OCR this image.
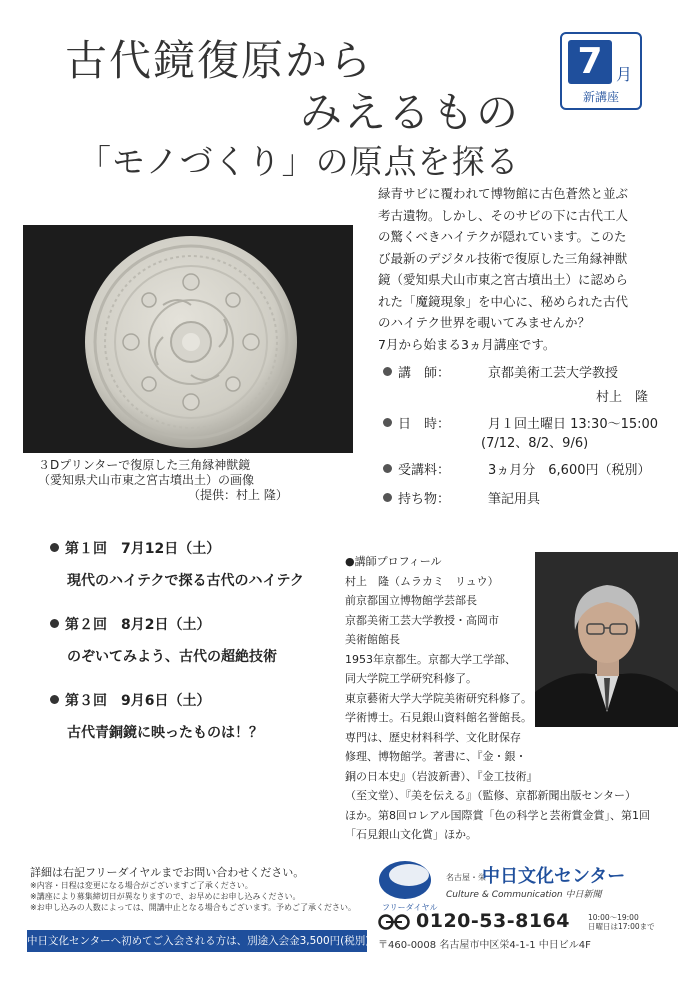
古代鏡復原から
みえるもの
「モノづくり」の原点を探る
7 月
新講座
緑青サビに覆われて博物館に古色蒼然と並ぶ
考古遺物。しかし、そのサビの下に古代工人
の驚くべきハイテクが隠れています。このた
び最新のデジタル技術で復原した三角縁神獣
鏡（愛知県犬山市東之宮古墳出土）に認めら
れた「魔鏡現象」を中心に、秘められた古代
のハイテク世界を覗いてみませんか？
7月から始まる3ヵ月講座です。
３Dプリンターで復原した三角縁神獣鏡
（愛知県犬山市東之宮古墳出土）の画像
（提供：村上 隆）
講　師：	京都美術工芸大学教授
村上　隆
日　時：	月１回土曜日 13:30～15:00
(7/12、8/2、9/6)
受講料：	3ヵ月分　6,600円（税別）
持ち物：	筆記用具
第１回　7月12日（土）
現代のハイテクで探る古代のハイテク
第２回　8月2日（土）
のぞいてみよう、古代の超絶技術
第３回　9月6日（土）
古代青銅鏡に映ったものは！？
●講師プロフィール
村上　隆（ムラカミ　リュウ）
前京都国立博物館学芸部長
京都美術工芸大学教授・高岡市
美術館館長
1953年京都生。京都大学工学部、
同大学院工学研究科修了。
東京藝術大学大学院美術研究科修了。
学術博士。石見銀山資料館名誉館長。
専門は、歴史材料科学、文化財保存
修理、博物館学。著書に、『金・銀・
銅の日本史』（岩波新書）、『金工技術』
（至文堂）、『美を伝える』（監修、京都新聞出版センター）
ほか。第8回ロレアル国際賞「色の科学と芸術賞金賞」、第1回
「石見銀山文化賞」ほか。
詳細は右記フリーダイヤルまでお問い合わせください。
※内容・日程は変更になる場合がございますご了承ください。
※講座により募集締切日が異なりますので、お早めにお申し込みください。
※お申し込みの人数によっては、開講中止となる場合もございます。予めご了承ください。
中日文化センターへ初めてご入会される方は、別途入会金3,500円(税別)が必要です。
フリーダイヤル
名古屋・栄
中日文化センター
Culture & Communication 中日新聞
0120-53-8164 10:00～19:00
日曜日は17:00まで
〒460-0008 名古屋市中区栄4-1-1 中日ビル4F
